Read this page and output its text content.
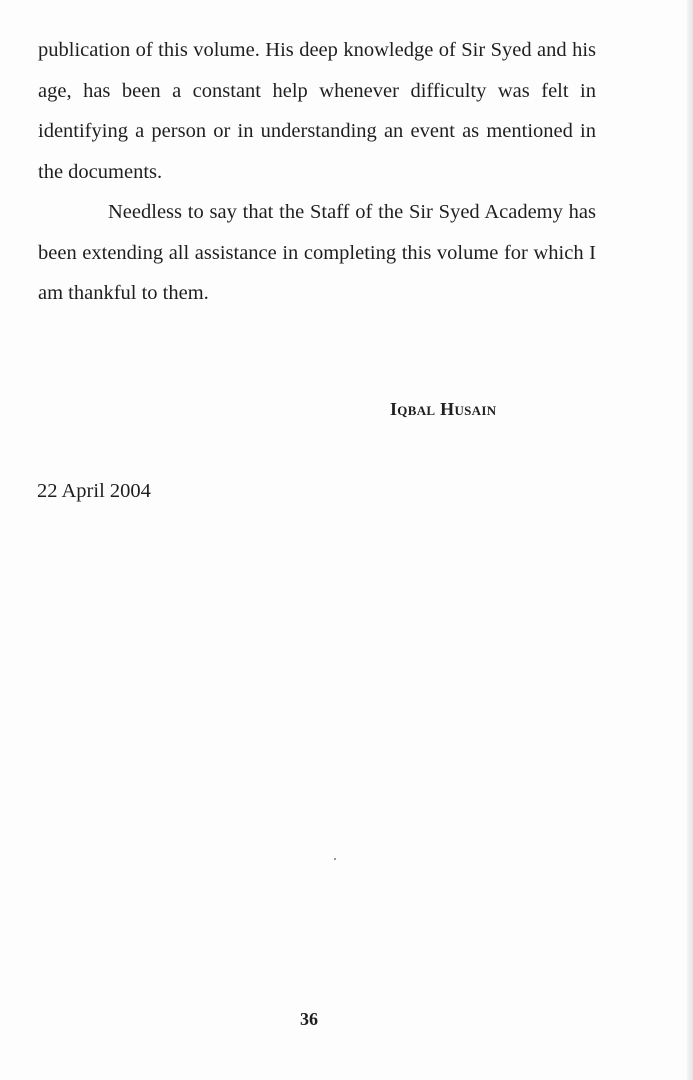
publication of this volume. His deep knowledge of Sir Syed and his age, has been a constant help whenever difficulty was felt in identifying a person or in understanding an event as mentioned in the documents.

Needless to say that the Staff of the Sir Syed Academy has been extending all assistance in completing this volume for which I am thankful to them.

Iqbal Husain
22 April 2004
36
